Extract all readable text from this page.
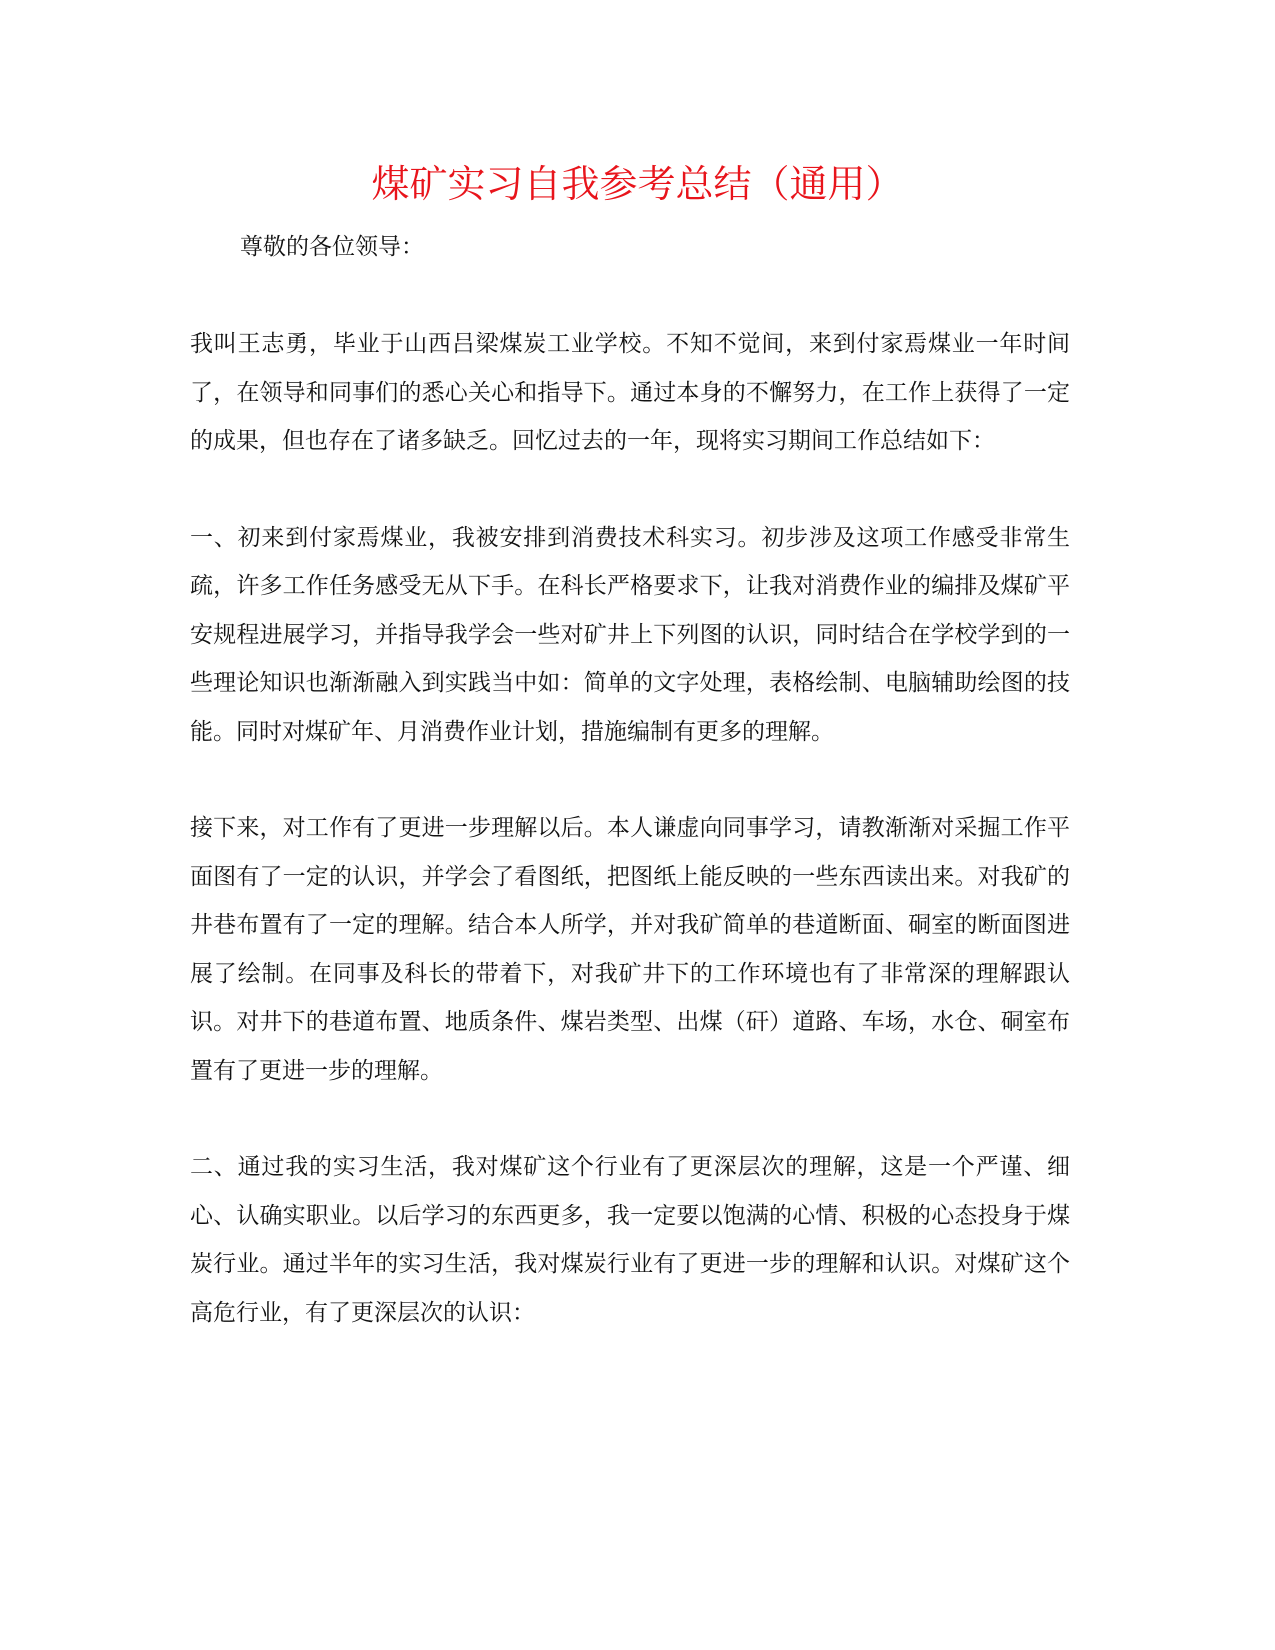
煤矿实习自我参考总结（通用）

尊敬的各位领导：

我叫王志勇，毕业于山西吕梁煤炭工业学校。不知不觉间，来到付家焉煤业一年时间了，在领导和同事们的悉心关心和指导下。通过本身的不懈努力，在工作上获得了一定的成果，但也存在了诸多缺乏。回忆过去的一年，现将实习期间工作总结如下：

一、初来到付家焉煤业，我被安排到消费技术科实习。初步涉及这项工作感受非常生疏，许多工作任务感受无从下手。在科长严格要求下，让我对消费作业的编排及煤矿平安规程进展学习，并指导我学会一些对矿井上下列图的认识，同时结合在学校学到的一些理论知识也渐渐融入到实践当中如：简单的文字处理，表格绘制、电脑辅助绘图的技能。同时对煤矿年、月消费作业计划，措施编制有更多的理解。

接下来，对工作有了更进一步理解以后。本人谦虚向同事学习，请教渐渐对采掘工作平面图有了一定的认识，并学会了看图纸，把图纸上能反映的一些东西读出来。对我矿的井巷布置有了一定的理解。结合本人所学，并对我矿简单的巷道断面、硐室的断面图进展了绘制。在同事及科长的带着下，对我矿井下的工作环境也有了非常深的理解跟认识。对井下的巷道布置、地质条件、煤岩类型、出煤（矸）道路、车场，水仓、硐室布置有了更进一步的理解。

二、通过我的实习生活，我对煤矿这个行业有了更深层次的理解，这是一个严谨、细心、认确实职业。以后学习的东西更多，我一定要以饱满的心情、积极的心态投身于煤炭行业。通过半年的实习生活，我对煤炭行业有了更进一步的理解和认识。对煤矿这个高危行业，有了更深层次的认识：
